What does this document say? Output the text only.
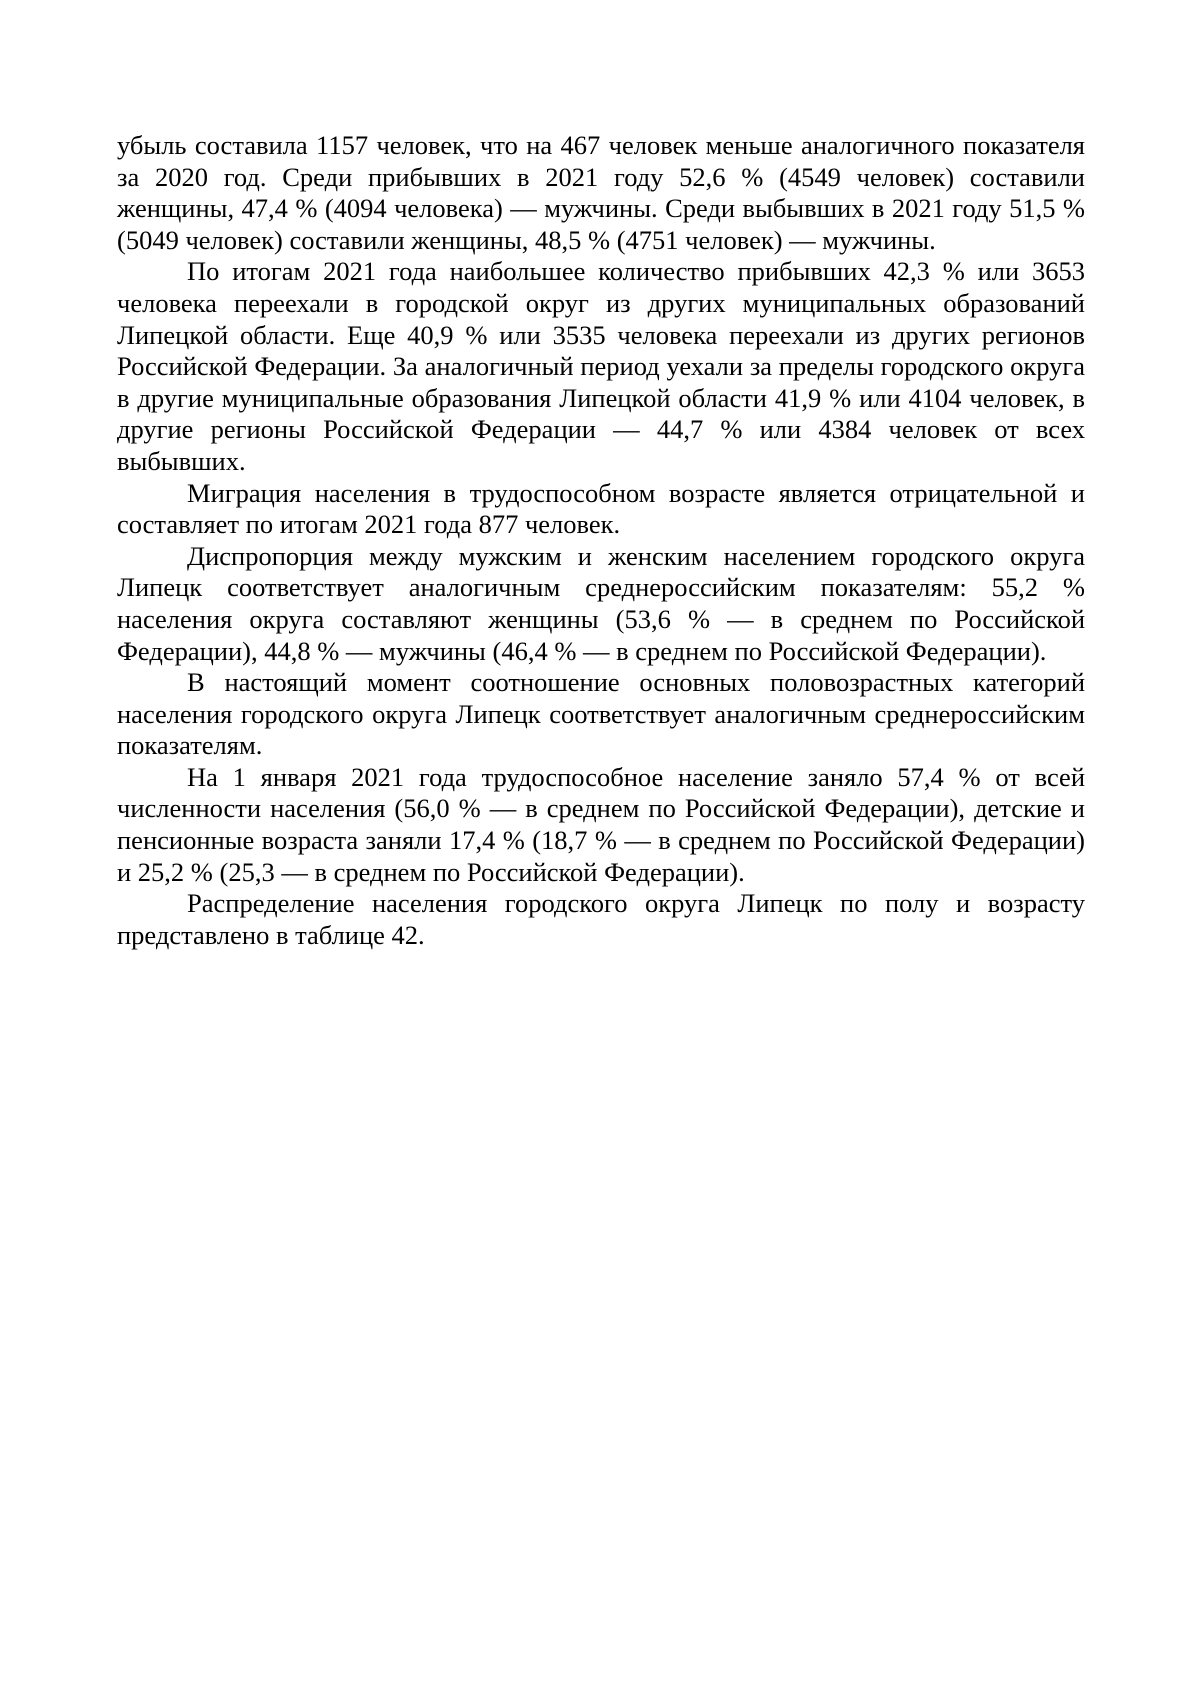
убыль составила 1157 человек, что на 467 человек меньше аналогичного показателя за 2020 год. Среди прибывших в 2021 году 52,6 % (4549 человек) составили женщины, 47,4 % (4094 человека) — мужчины. Среди выбывших в 2021 году 51,5 % (5049 человек) составили женщины, 48,5 % (4751 человек) — мужчины.

По итогам 2021 года наибольшее количество прибывших 42,3 % или 3653 человека переехали в городской округ из других муниципальных образований Липецкой области. Еще 40,9 % или 3535 человека переехали из других регионов Российской Федерации. За аналогичный период уехали за пределы городского округа в другие муниципальные образования Липецкой области 41,9 % или 4104 человек, в другие регионы Российской Федерации — 44,7 % или 4384 человек от всех выбывших.

Миграция населения в трудоспособном возрасте является отрицательной и составляет по итогам 2021 года 877 человек.

Диспропорция между мужским и женским населением городского округа Липецк соответствует аналогичным среднероссийским показателям: 55,2 % населения округа составляют женщины (53,6 % — в среднем по Российской Федерации), 44,8 % — мужчины (46,4 % — в среднем по Российской Федерации).

В настоящий момент соотношение основных половозрастных категорий населения городского округа Липецк соответствует аналогичным среднероссийским показателям.

На 1 января 2021 года трудоспособное население заняло 57,4 % от всей численности населения (56,0 % — в среднем по Российской Федерации), детские и пенсионные возраста заняли 17,4 % (18,7 % — в среднем по Российской Федерации) и 25,2 % (25,3 — в среднем по Российской Федерации).

Распределение населения городского округа Липецк по полу и возрасту представлено в таблице 42.
